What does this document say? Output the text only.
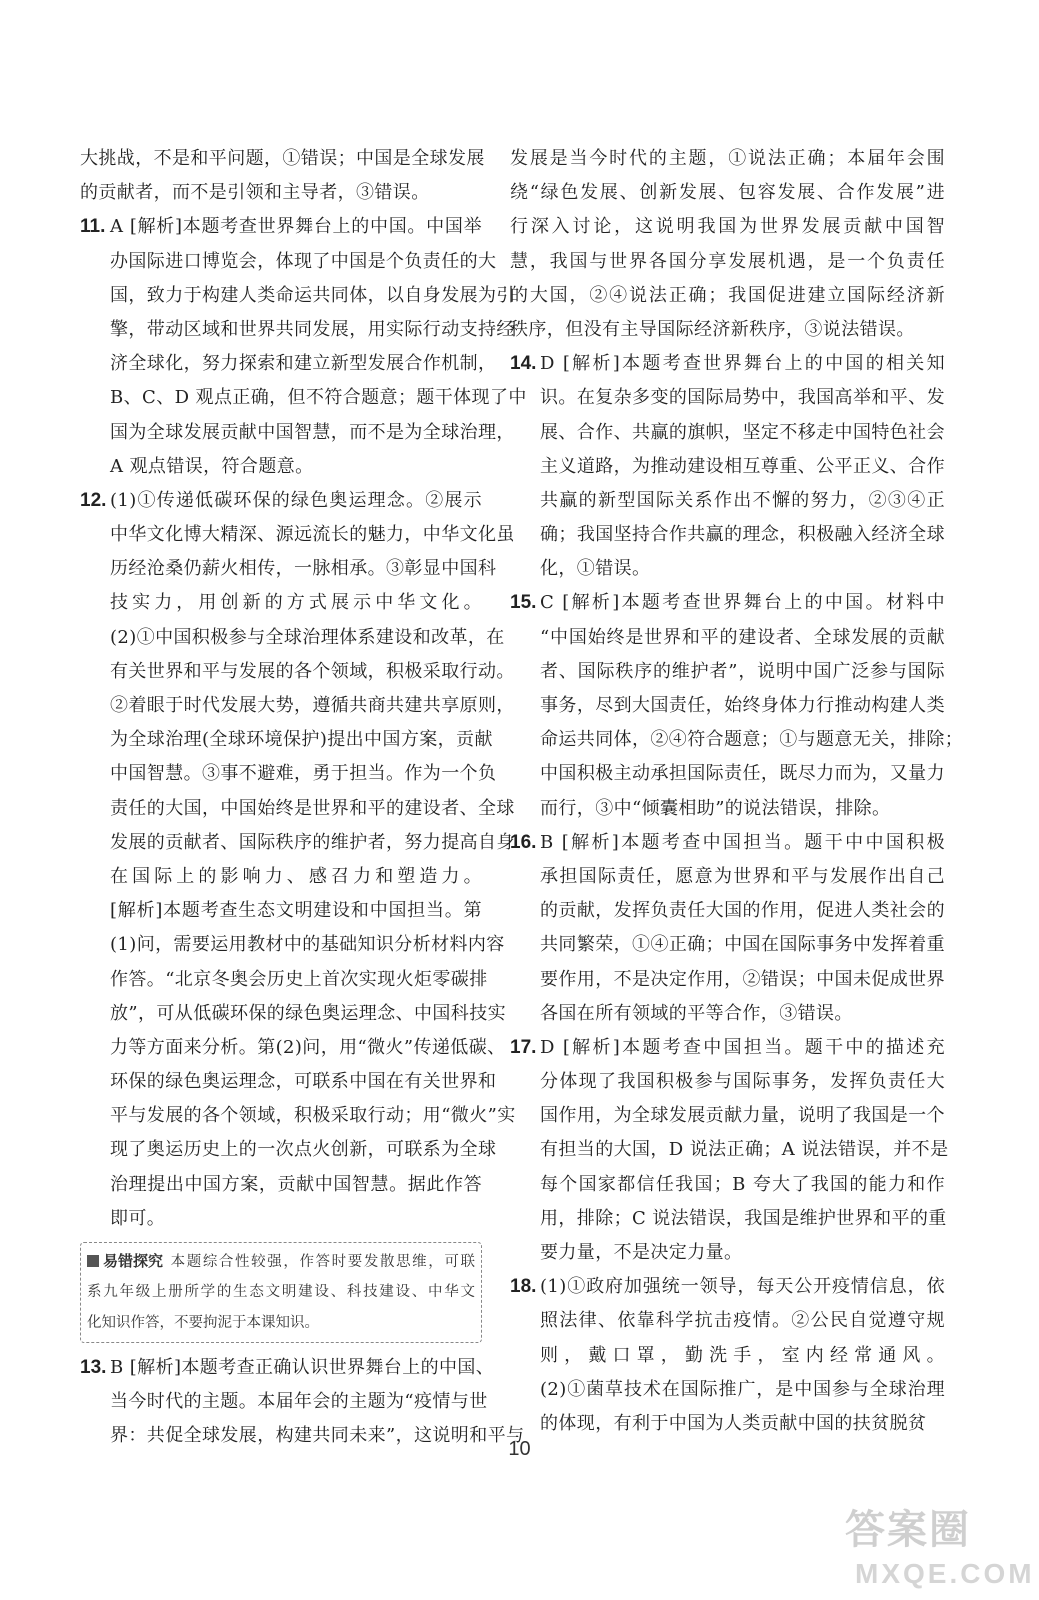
大挑战，不是和平问题，①错误；中国是全球发展
的贡献者，而不是引领和主导者，③错误。
11. A [解析]本题考查世界舞台上的中国。中国举
办国际进口博览会，体现了中国是个负责任的大
国，致力于构建人类命运共同体，以自身发展为引
擎，带动区域和世界共同发展，用实际行动支持经
济全球化，努力探索和建立新型发展合作机制，
B、C、D 观点正确，但不符合题意；题干体现了中
国为全球发展贡献中国智慧，而不是为全球治理，
A 观点错误，符合题意。
12. (1)①传递低碳环保的绿色奥运理念。②展示
中华文化博大精深、源远流长的魅力，中华文化虽
历经沧桑仍薪火相传，一脉相承。③彰显中国科
技实力，用创新的方式展示中华文化。
(2)①中国积极参与全球治理体系建设和改革，在
有关世界和平与发展的各个领域，积极采取行动。
②着眼于时代发展大势，遵循共商共建共享原则，
为全球治理(全球环境保护)提出中国方案，贡献
中国智慧。③事不避难，勇于担当。作为一个负
责任的大国，中国始终是世界和平的建设者、全球
发展的贡献者、国际秩序的维护者，努力提高自身
在国际上的影响力、感召力和塑造力。
[解析]本题考查生态文明建设和中国担当。第
(1)问，需要运用教材中的基础知识分析材料内容
作答。“北京冬奥会历史上首次实现火炬零碳排
放”，可从低碳环保的绿色奥运理念、中国科技实
力等方面来分析。第(2)问，用“微火”传递低碳、
环保的绿色奥运理念，可联系中国在有关世界和
平与发展的各个领域，积极采取行动；用“微火”实
现了奥运历史上的一次点火创新，可联系为全球
治理提出中国方案，贡献中国智慧。据此作答
即可。
易错探究 本题综合性较强，作答时要发散思维，可联
系九年级上册所学的生态文明建设、科技建设、中华文
化知识作答，不要拘泥于本课知识。
13. B [解析]本题考查正确认识世界舞台上的中国、
当今时代的主题。本届年会的主题为“疫情与世
界：共促全球发展，构建共同未来”，这说明和平与
发展是当今时代的主题，①说法正确；本届年会围
绕“绿色发展、创新发展、包容发展、合作发展”进
行深入讨论，这说明我国为世界发展贡献中国智
慧，我国与世界各国分享发展机遇，是一个负责任
的大国，②④说法正确；我国促进建立国际经济新
秩序，但没有主导国际经济新秩序，③说法错误。
14. D [解析]本题考查世界舞台上的中国的相关知
识。在复杂多变的国际局势中，我国高举和平、发
展、合作、共赢的旗帜，坚定不移走中国特色社会
主义道路，为推动建设相互尊重、公平正义、合作
共赢的新型国际关系作出不懈的努力，②③④正
确；我国坚持合作共赢的理念，积极融入经济全球
化，①错误。
15. C [解析]本题考查世界舞台上的中国。材料中
“中国始终是世界和平的建设者、全球发展的贡献
者、国际秩序的维护者”，说明中国广泛参与国际
事务，尽到大国责任，始终身体力行推动构建人类
命运共同体，②④符合题意；①与题意无关，排除；
中国积极主动承担国际责任，既尽力而为，又量力
而行，③中“倾囊相助”的说法错误，排除。
16. B [解析]本题考查中国担当。题干中中国积极
承担国际责任，愿意为世界和平与发展作出自己
的贡献，发挥负责任大国的作用，促进人类社会的
共同繁荣，①④正确；中国在国际事务中发挥着重
要作用，不是决定作用，②错误；中国未促成世界
各国在所有领域的平等合作，③错误。
17. D [解析]本题考查中国担当。题干中的描述充
分体现了我国积极参与国际事务，发挥负责任大
国作用，为全球发展贡献力量，说明了我国是一个
有担当的大国，D 说法正确；A 说法错误，并不是
每个国家都信任我国；B 夸大了我国的能力和作
用，排除；C 说法错误，我国是维护世界和平的重
要力量，不是决定力量。
18. (1)①政府加强统一领导，每天公开疫情信息，依
照法律、依靠科学抗击疫情。②公民自觉遵守规
则，戴口罩，勤洗手，室内经常通风。
(2)①菌草技术在国际推广，是中国参与全球治理
的体现，有利于中国为人类贡献中国的扶贫脱贫
10
答案圈
MXQE.COM
